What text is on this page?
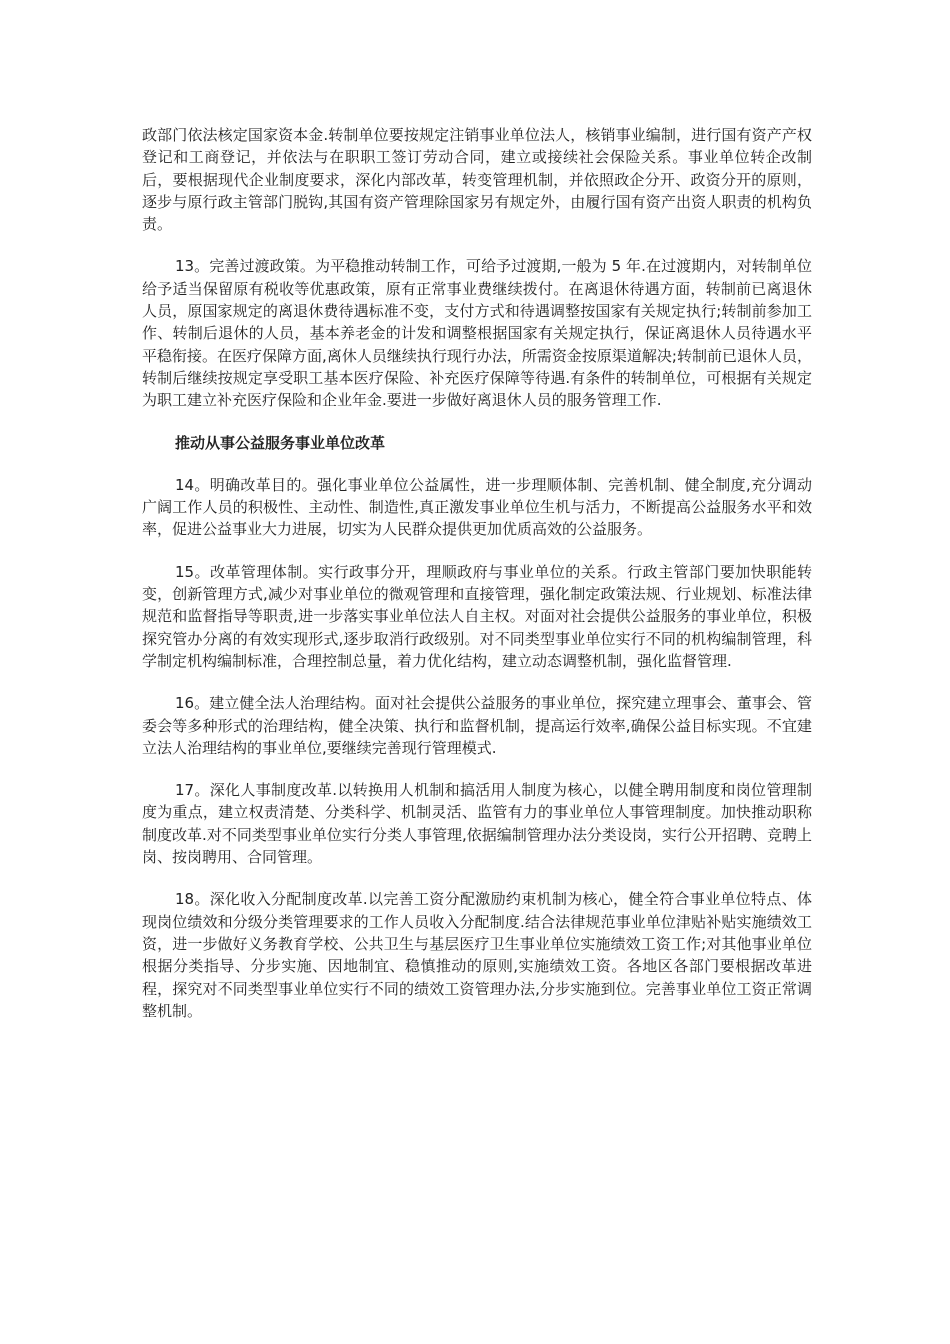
政部门依法核定国家资本金.转制单位要按规定注销事业单位法人，核销事业编制，进行国有资产产权登记和工商登记，并依法与在职职工签订劳动合同，建立或接续社会保险关系。事业单位转企改制后，要根据现代企业制度要求，深化内部改革，转变管理机制，并依照政企分开、政资分开的原则，逐步与原行政主管部门脱钩,其国有资产管理除国家另有规定外，由履行国有资产出资人职责的机构负责。

13。完善过渡政策。为平稳推动转制工作，可给予过渡期,一般为 5 年.在过渡期内，对转制单位给予适当保留原有税收等优惠政策，原有正常事业费继续拨付。在离退休待遇方面，转制前已离退休人员，原国家规定的离退休费待遇标准不变，支付方式和待遇调整按国家有关规定执行;转制前参加工作、转制后退休的人员，基本养老金的计发和调整根据国家有关规定执行，保证离退休人员待遇水平平稳衔接。在医疗保障方面,离休人员继续执行现行办法，所需资金按原渠道解决;转制前已退休人员，转制后继续按规定享受职工基本医疗保险、补充医疗保障等待遇.有条件的转制单位，可根据有关规定为职工建立补充医疗保险和企业年金.要进一步做好离退休人员的服务管理工作.

推动从事公益服务事业单位改革

14。明确改革目的。强化事业单位公益属性，进一步理顺体制、完善机制、健全制度,充分调动广阔工作人员的积极性、主动性、制造性,真正激发事业单位生机与活力，不断提高公益服务水平和效率，促进公益事业大力进展，切实为人民群众提供更加优质高效的公益服务。

15。改革管理体制。实行政事分开，理顺政府与事业单位的关系。行政主管部门要加快职能转变，创新管理方式,减少对事业单位的微观管理和直接管理，强化制定政策法规、行业规划、标准法律规范和监督指导等职责,进一步落实事业单位法人自主权。对面对社会提供公益服务的事业单位，积极探究管办分离的有效实现形式,逐步取消行政级别。对不同类型事业单位实行不同的机构编制管理，科学制定机构编制标准，合理控制总量，着力优化结构，建立动态调整机制，强化监督管理.

16。建立健全法人治理结构。面对社会提供公益服务的事业单位，探究建立理事会、董事会、管委会等多种形式的治理结构，健全决策、执行和监督机制，提高运行效率,确保公益目标实现。不宜建立法人治理结构的事业单位,要继续完善现行管理模式.

17。深化人事制度改革.以转换用人机制和搞活用人制度为核心，以健全聘用制度和岗位管理制度为重点，建立权责清楚、分类科学、机制灵活、监管有力的事业单位人事管理制度。加快推动职称制度改革.对不同类型事业单位实行分类人事管理,依据编制管理办法分类设岗，实行公开招聘、竞聘上岗、按岗聘用、合同管理。

18。深化收入分配制度改革.以完善工资分配激励约束机制为核心，健全符合事业单位特点、体现岗位绩效和分级分类管理要求的工作人员收入分配制度.结合法律规范事业单位津贴补贴实施绩效工资，进一步做好义务教育学校、公共卫生与基层医疗卫生事业单位实施绩效工资工作;对其他事业单位根据分类指导、分步实施、因地制宜、稳慎推动的原则,实施绩效工资。各地区各部门要根据改革进程，探究对不同类型事业单位实行不同的绩效工资管理办法,分步实施到位。完善事业单位工资正常调整机制。
